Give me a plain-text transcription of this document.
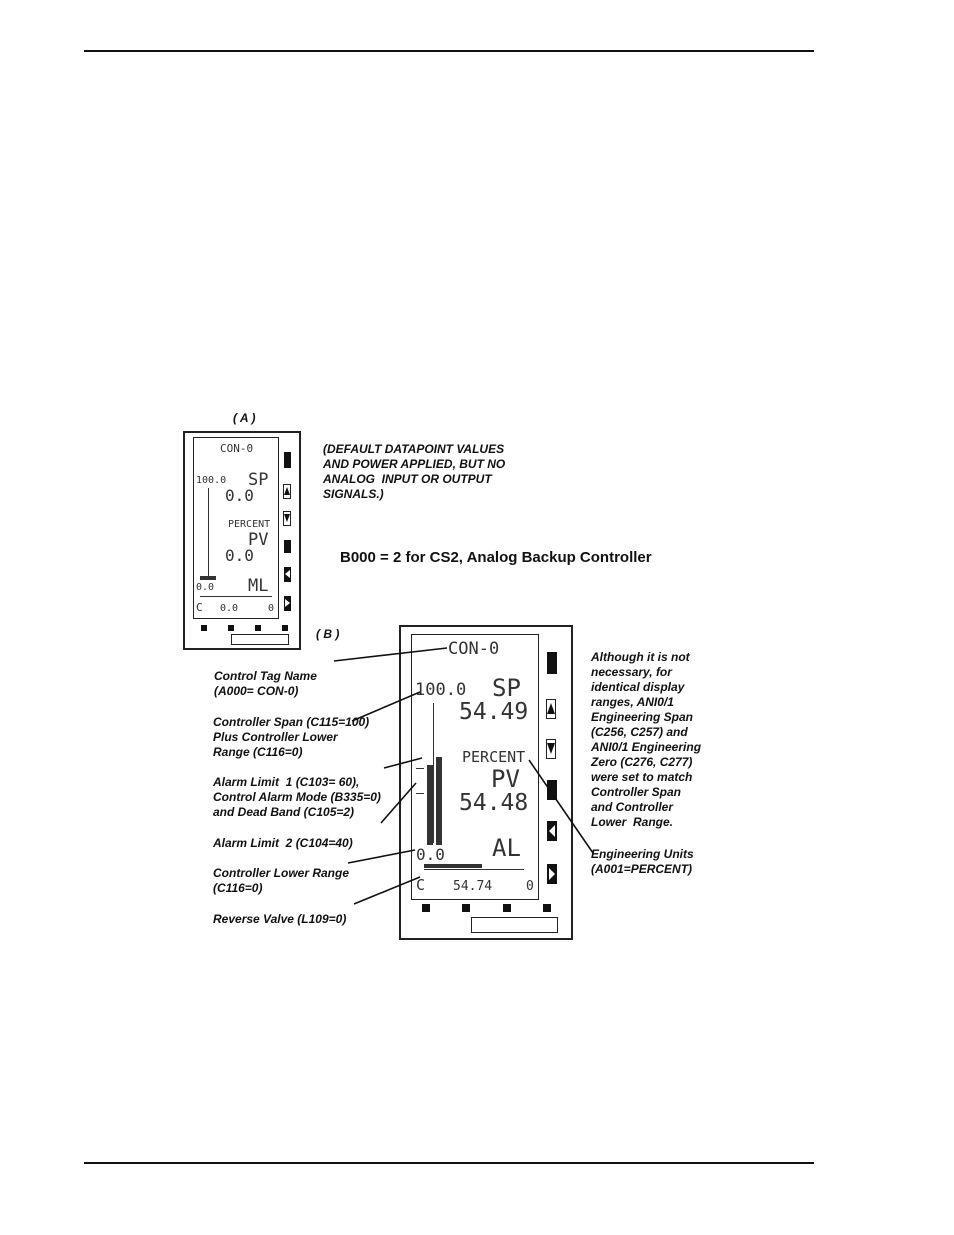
( A )
CON-0
100.0 SP
0.0
PERCENT
PV
0.0
0.0 ML
C 0.0	0
(DEFAULT DATAPOINT VALUES
AND POWER APPLIED, BUT NO
ANALOG  INPUT OR OUTPUT
SIGNALS.)
B000 = 2 for CS2, Analog Backup Controller
( B )
CON-0
100.0 SP
54.49
PERCENT
PV
54.48
0.0 AL
C 54.74	0
Control Tag Name
(A000= CON-0)
Controller Span (C115=100)
Plus Controller Lower
Range (C116=0)
Alarm Limit  1 (C103= 60),
Control Alarm Mode (B335=0)
and Dead Band (C105=2)
Alarm Limit  2 (C104=40)
Controller Lower Range
(C116=0)
Reverse Valve (L109=0)
Although it is not
necessary, for
identical display
ranges, ANI0/1
Engineering Span
(C256, C257) and
ANI0/1 Engineering
Zero (C276, C277)
were set to match
Controller Span
and Controller
Lower  Range.
Engineering Units
(A001=PERCENT)
